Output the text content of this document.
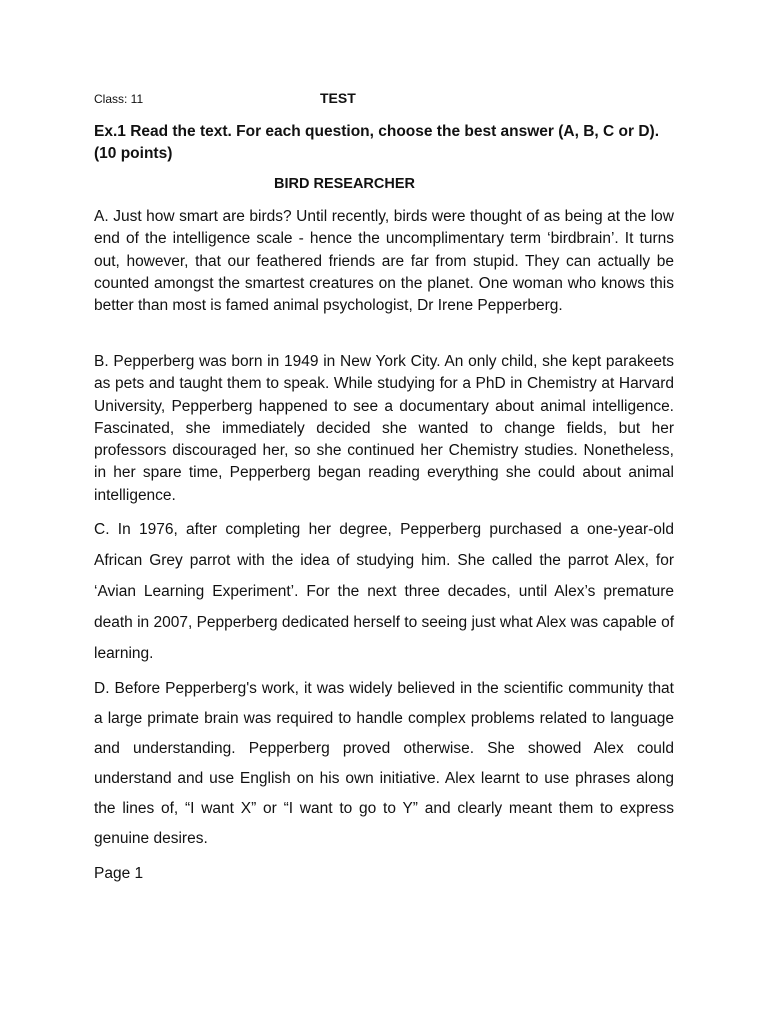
Class: 11	TEST
Ex.1 Read the text. For each question, choose the best answer (A, B, C or D). (10 points)
BIRD RESEARCHER
A. Just how smart are birds? Until recently, birds were thought of as being at the low end of the intelligence scale - hence the uncomplimentary term ‘birdbrain’. It turns out, however, that our feathered friends are far from stupid. They can actually be counted amongst the smartest creatures on the planet. One woman who knows this better than most is famed animal psychologist, Dr Irene Pepperberg.
B. Pepperberg was born in 1949 in New York City. An only child, she kept parakeets as pets and taught them to speak. While studying for a PhD in Chemistry at Harvard University, Pepperberg happened to see a documentary about animal intelligence. Fascinated, she immediately decided she wanted to change fields, but her professors discouraged her, so she continued her Chemistry studies. Nonetheless, in her spare time, Pepperberg began reading everything she could about animal intelligence.
C. In 1976, after completing her degree, Pepperberg purchased a one-year-old African Grey parrot with the idea of studying him. She called the parrot Alex, for ‘Avian Learning Experiment’. For the next three decades, until Alex’s premature death in 2007, Pepperberg dedicated herself to seeing just what Alex was capable of learning.
D. Before Pepperberg's work, it was widely believed in the scientific community that a large primate brain was required to handle complex problems related to language and understanding. Pepperberg proved otherwise. She showed Alex could understand and use English on his own initiative. Alex learnt to use phrases along the lines of, “I want X” or “I want to go to Y” and clearly meant them to express genuine desires.
Page 1
